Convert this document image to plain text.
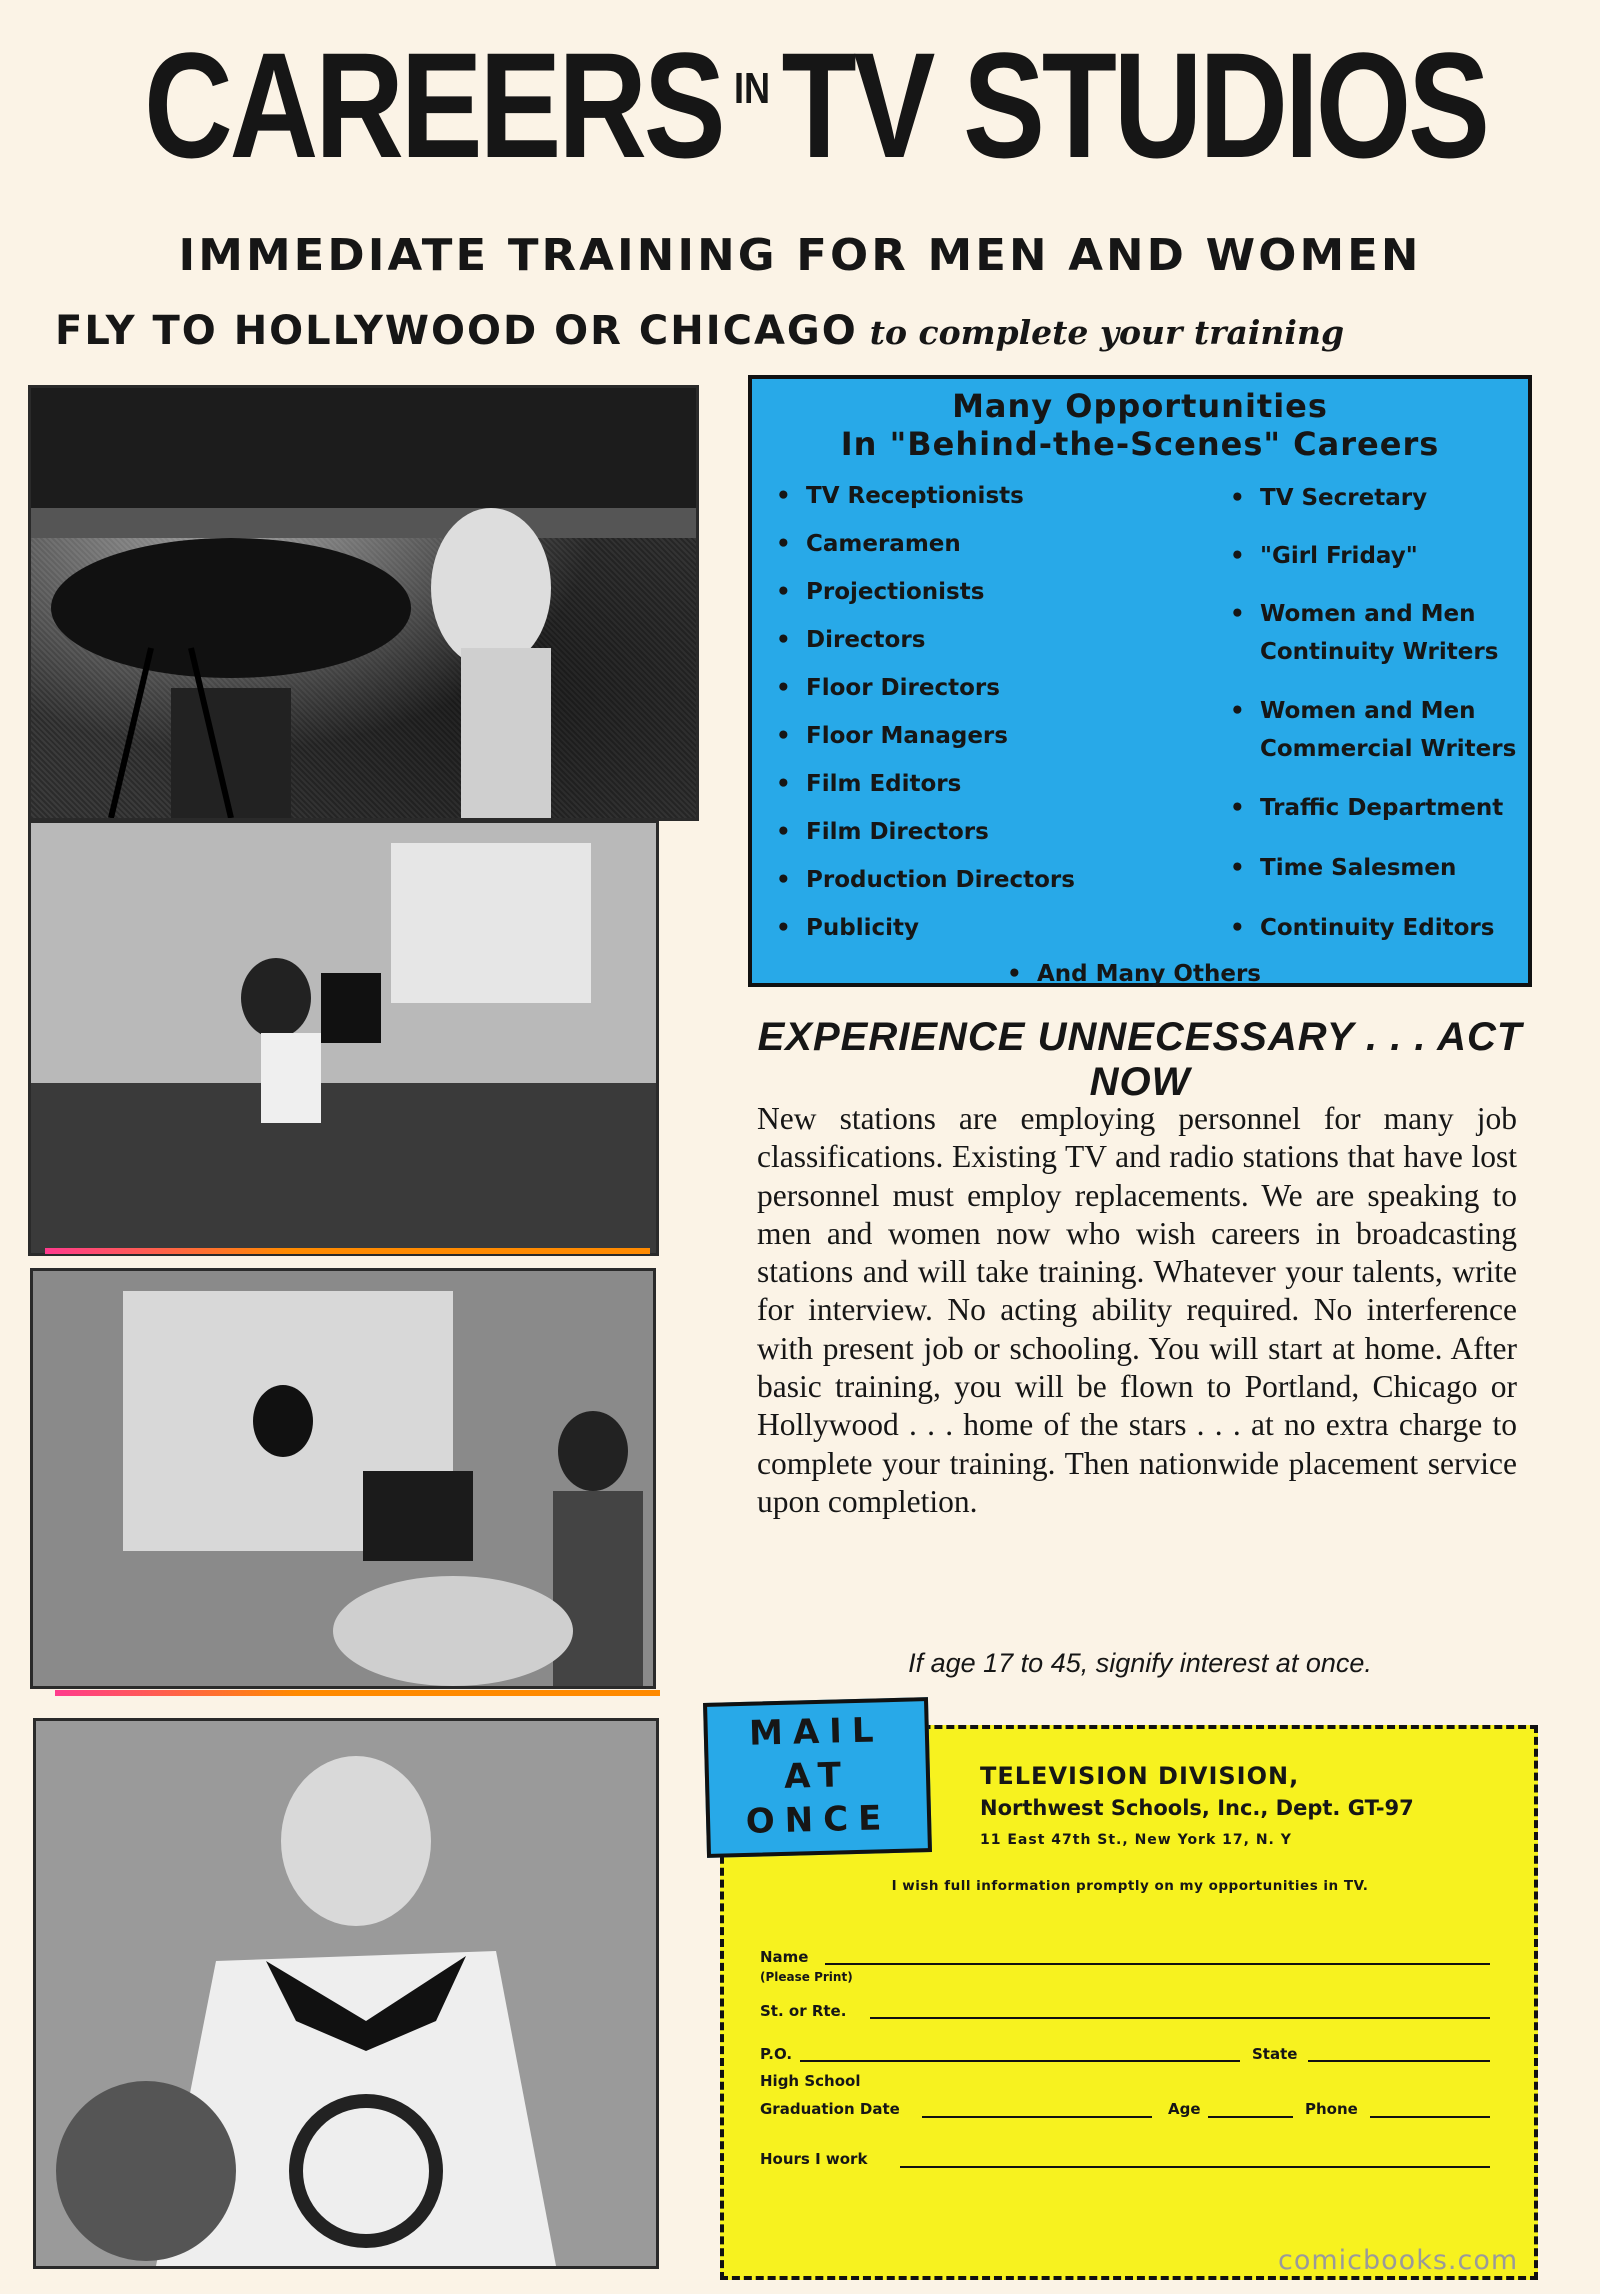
CAREERS INTV STUDIOS
IMMEDIATE TRAINING FOR MEN AND WOMEN
FLY TO HOLLYWOOD OR CHICAGO to complete your training
Many Opportunities
In "Behind-the-Scenes" Careers
• TV Receptionists
• Cameramen
• Projectionists
• Directors
• Floor Directors
• Floor Managers
• Film Editors
• Film Directors
• Production Directors
• Publicity
• TV Secretary
• "Girl Friday"
• Women and Men
Continuity Writers
• Women and Men
Commercial Writers
• Traffic Department
• Time Salesmen
• Continuity Editors
• And Many Others
EXPERIENCE UNNECESSARY . . . ACT NOW
New stations are employing personnel for many job classifications. Existing TV and radio stations that have lost personnel must employ replacements. We are speaking to men and women now who wish careers in broadcasting stations and will take training. Whatever your talents, write for interview. No acting ability required. No interference with present job or schooling. You will start at home. After basic training, you will be flown to Portland, Chicago or Hollywood . . . home of the stars . . . at no extra charge to complete your training. Then nationwide placement service upon completion.
If age 17 to 45, signify interest at once.
MAIL
AT
ONCE
TELEVISION DIVISION,
Northwest Schools, Inc., Dept. GT-97
11 East 47th St., New York 17, N. Y
I wish full information promptly on my opportunities in TV.
Name
(Please Print)
St. or Rte.
P.O.	State
High School
Graduation Date	Age	Phone
Hours I work
comicbooks.com
